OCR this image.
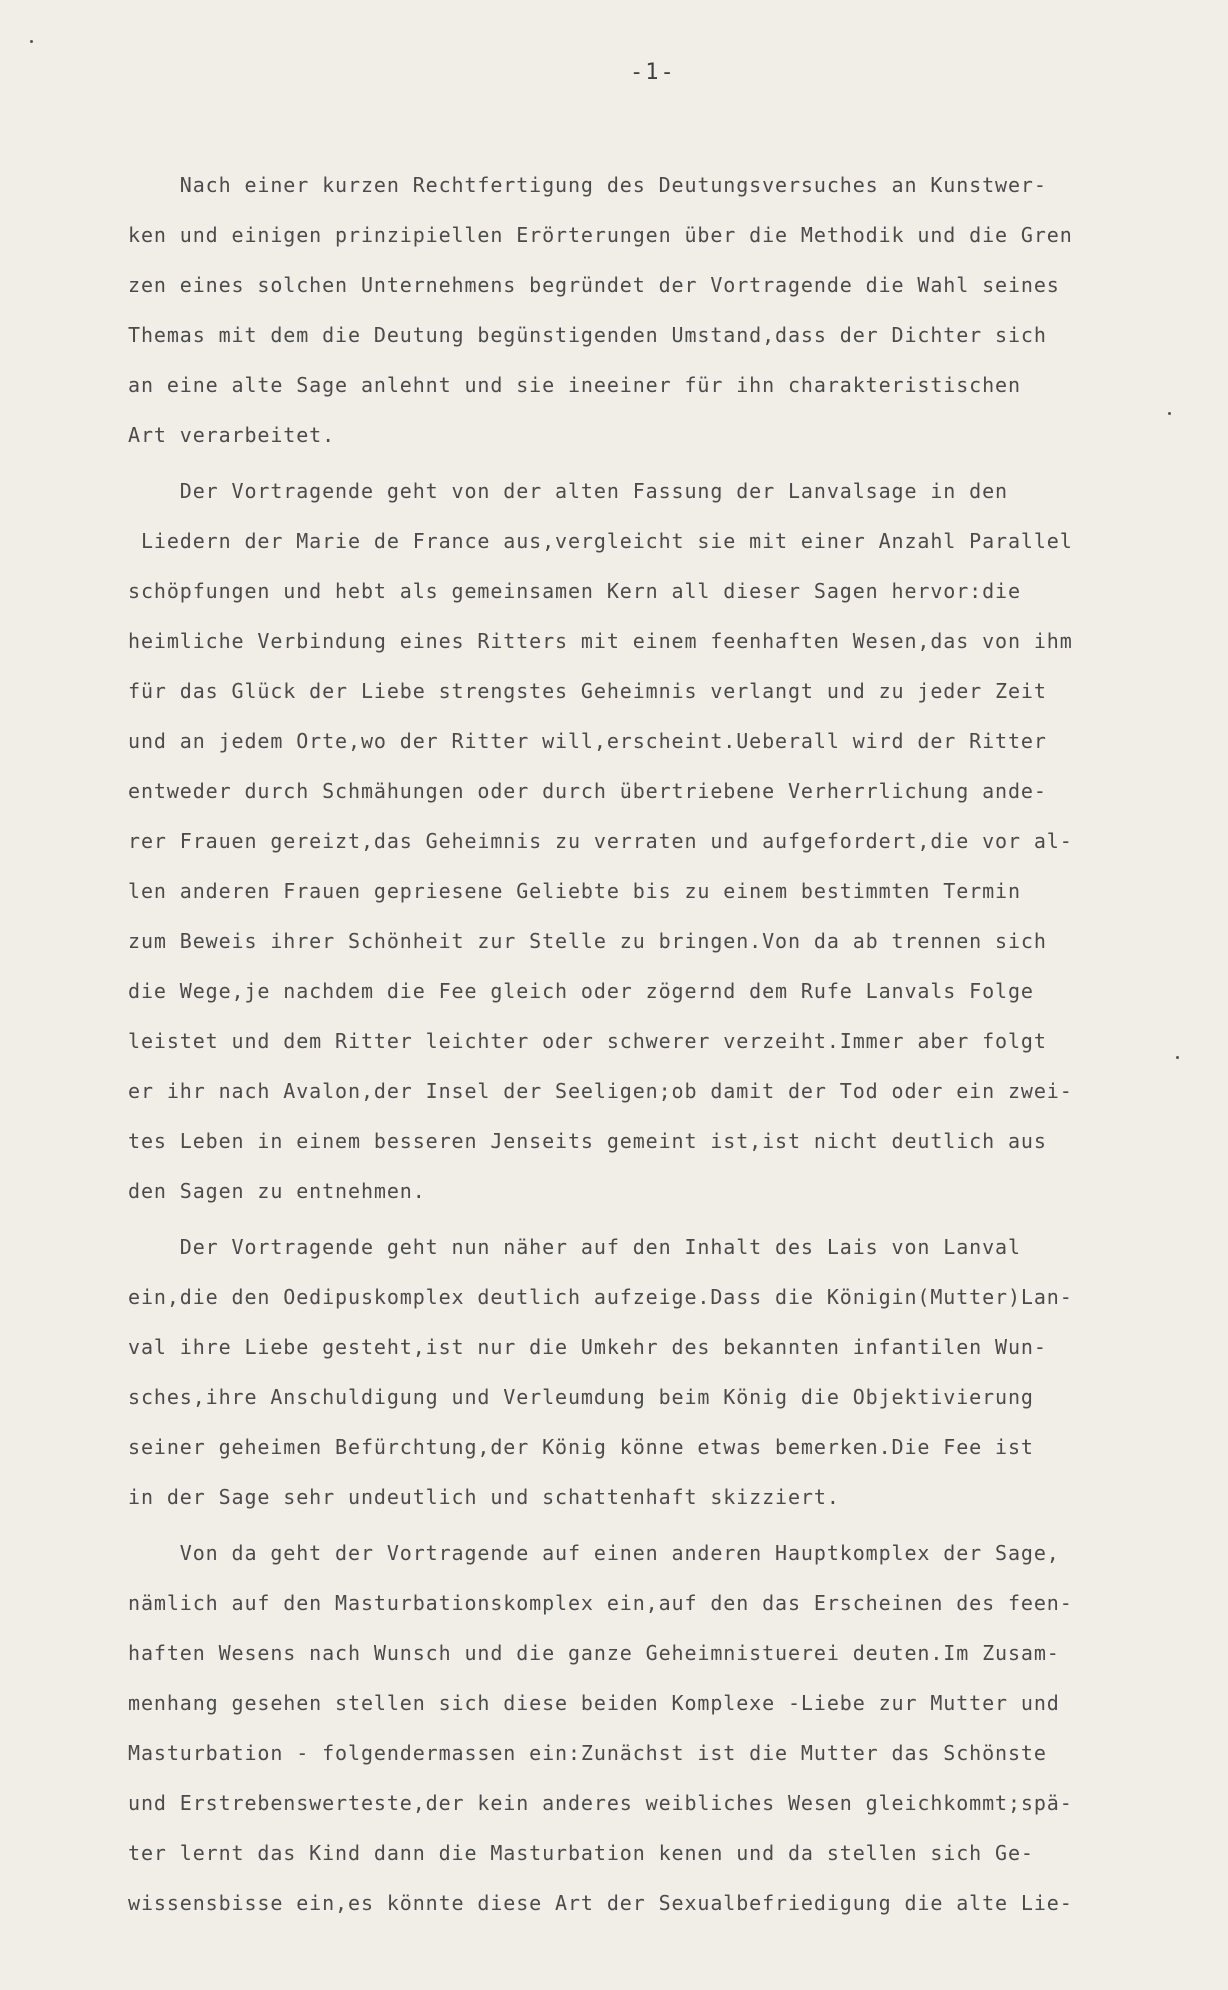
-1-

Nach einer kurzen Rechtfertigung des Deutungsversuches an Kunstwer-

ken und einigen prinzipiellen Erörterungen über die Methodik und die Gren

zen eines solchen Unternehmens begründet der Vortragende die Wahl seines

Themas mit dem die Deutung begünstigenden Umstand,dass der Dichter sich

an eine alte Sage anlehnt und sie ineeiner für ihn charakteristischen

Art verarbeitet.

Der Vortragende geht von der alten Fassung der Lanvalsage in den

Liedern der Marie de France aus,vergleicht sie mit einer Anzahl Parallel

schöpfungen und hebt als gemeinsamen Kern all dieser Sagen hervor:die

heimliche Verbindung eines Ritters mit einem feenhaften Wesen,das von ihm

für das Glück der Liebe strengstes Geheimnis verlangt und zu jeder Zeit

und an jedem Orte,wo der Ritter will,erscheint.Ueberall wird der Ritter

entweder durch Schmähungen oder durch übertriebene Verherrlichung ande-

rer Frauen gereizt,das Geheimnis zu verraten und aufgefordert,die vor al-

len anderen Frauen gepriesene Geliebte bis zu einem bestimmten Termin

zum Beweis ihrer Schönheit zur Stelle zu bringen.Von da ab trennen sich

die Wege,je nachdem die Fee gleich oder zögernd dem Rufe Lanvals Folge

leistet und dem Ritter leichter oder schwerer verzeiht.Immer aber folgt

er ihr nach Avalon,der Insel der Seeligen;ob damit der Tod oder ein zwei-

tes Leben in einem besseren Jenseits gemeint ist,ist nicht deutlich aus

den Sagen zu entnehmen.

Der Vortragende geht nun näher auf den Inhalt des Lais von Lanval

ein,die den Oedipuskomplex deutlich aufzeige.Dass die Königin(Mutter)Lan-

val ihre Liebe gesteht,ist nur die Umkehr des bekannten infantilen Wun-

sches,ihre Anschuldigung und Verleumdung beim König die Objektivierung

seiner geheimen Befürchtung,der König könne etwas bemerken.Die Fee ist

in der Sage sehr undeutlich und schattenhaft skizziert.

Von da geht der Vortragende auf einen anderen Hauptkomplex der Sage,

nämlich auf den Masturbationskomplex ein,auf den das Erscheinen des feen-

haften Wesens nach Wunsch und die ganze Geheimnistuerei deuten.Im Zusam-

menhang gesehen stellen sich diese beiden Komplexe -Liebe zur Mutter und

Masturbation - folgendermassen ein:Zunächst ist die Mutter das Schönste

und Erstrebenswerteste,der kein anderes weibliches Wesen gleichkommt;spä-

ter lernt das Kind dann die Masturbation kenen und da stellen sich Ge-

wissensbisse ein,es könnte diese Art der Sexualbefriedigung die alte Lie-
